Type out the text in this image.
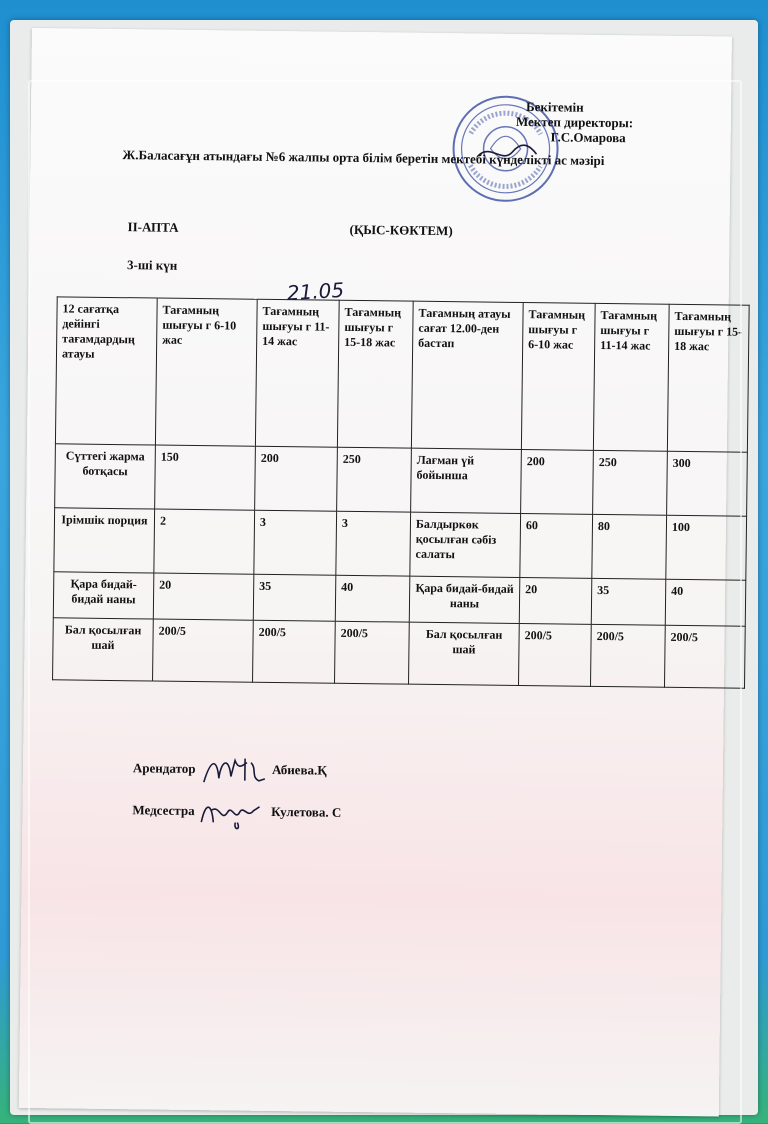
Бекітемін
Мектеп директоры:
Г.С.Омарова
Ж.Баласағұн атындағы №6 жалпы орта білім беретін мектебі күнделікті ас мәзірі
II-АПТА	(ҚЫС-КӨКТЕМ)
3-ші күн
21.05
12 сағатқа дейінгі тағамдардың атауы	Тағамның шығуы г 6-10 жас	Тағамның шығуы г 11-14 жас	Тағамның шығуы г 15-18 жас	Тағамның атауы сағат 12.00-ден бастап	Тағамның шығуы г 6-10 жас	Тағамның шығуы г 11-14 жас	Тағамның шығуы г 15-18 жас
Сүттегі жарма ботқасы	150	200	250	Лағман үй бойынша	200	250	300
Ірімшік порция	2	3	3	Балдыркөк қосылған сәбіз салаты	60	80	100
Қара бидай-бидай наны	20	35	40	Қара бидай-бидай наны	20	35	40
Бал қосылған шай	200/5	200/5	200/5	Бал қосылған шай	200/5	200/5	200/5
Арендатор	Абиева.Қ
Медсестра	Кулетова. С
